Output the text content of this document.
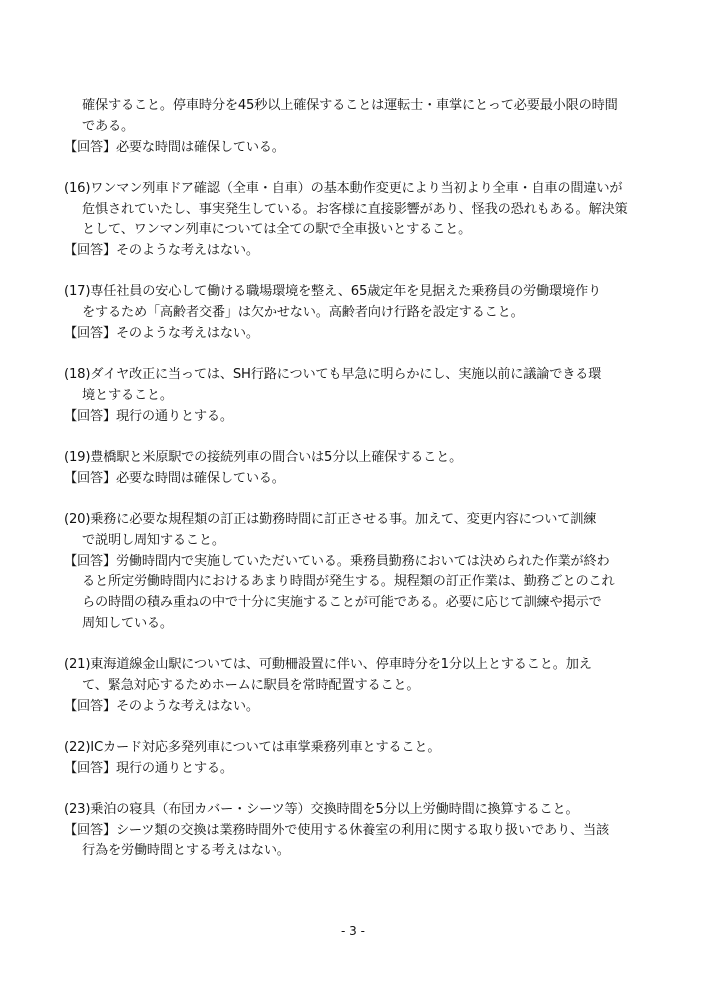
確保すること。停車時分を45秒以上確保することは運転士・車掌にとって必要最小限の時間
である。
【回答】必要な時間は確保している。
(16)ワンマン列車ドア確認（全車・自車）の基本動作変更により当初より全車・自車の間違いが
危惧されていたし、事実発生している。お客様に直接影響があり、怪我の恐れもある。解決策
として、ワンマン列車については全ての駅で全車扱いとすること。
【回答】そのような考えはない。
(17)専任社員の安心して働ける職場環境を整え、65歳定年を見据えた乗務員の労働環境作り
をするため「高齢者交番」は欠かせない。高齢者向け行路を設定すること。
【回答】そのような考えはない。
(18)ダイヤ改正に当っては、SH行路についても早急に明らかにし、実施以前に議論できる環
境とすること。
【回答】現行の通りとする。
(19)豊橋駅と米原駅での接続列車の間合いは5分以上確保すること。
【回答】必要な時間は確保している。
(20)乗務に必要な規程類の訂正は勤務時間に訂正させる事。加えて、変更内容について訓練
で説明し周知すること。
【回答】労働時間内で実施していただいている。乗務員勤務においては決められた作業が終わ
ると所定労働時間内におけるあまり時間が発生する。規程類の訂正作業は、勤務ごとのこれ
らの時間の積み重ねの中で十分に実施することが可能である。必要に応じて訓練や掲示で
周知している。
(21)東海道線金山駅については、可動柵設置に伴い、停車時分を1分以上とすること。加え
て、緊急対応するためホームに駅員を常時配置すること。
【回答】そのような考えはない。
(22)ICカード対応多発列車については車掌乗務列車とすること。
【回答】現行の通りとする。
(23)乗泊の寝具（布団カバー・シーツ等）交換時間を5分以上労働時間に換算すること。
【回答】シーツ類の交換は業務時間外で使用する休養室の利用に関する取り扱いであり、当該
行為を労働時間とする考えはない。
- 3 -
